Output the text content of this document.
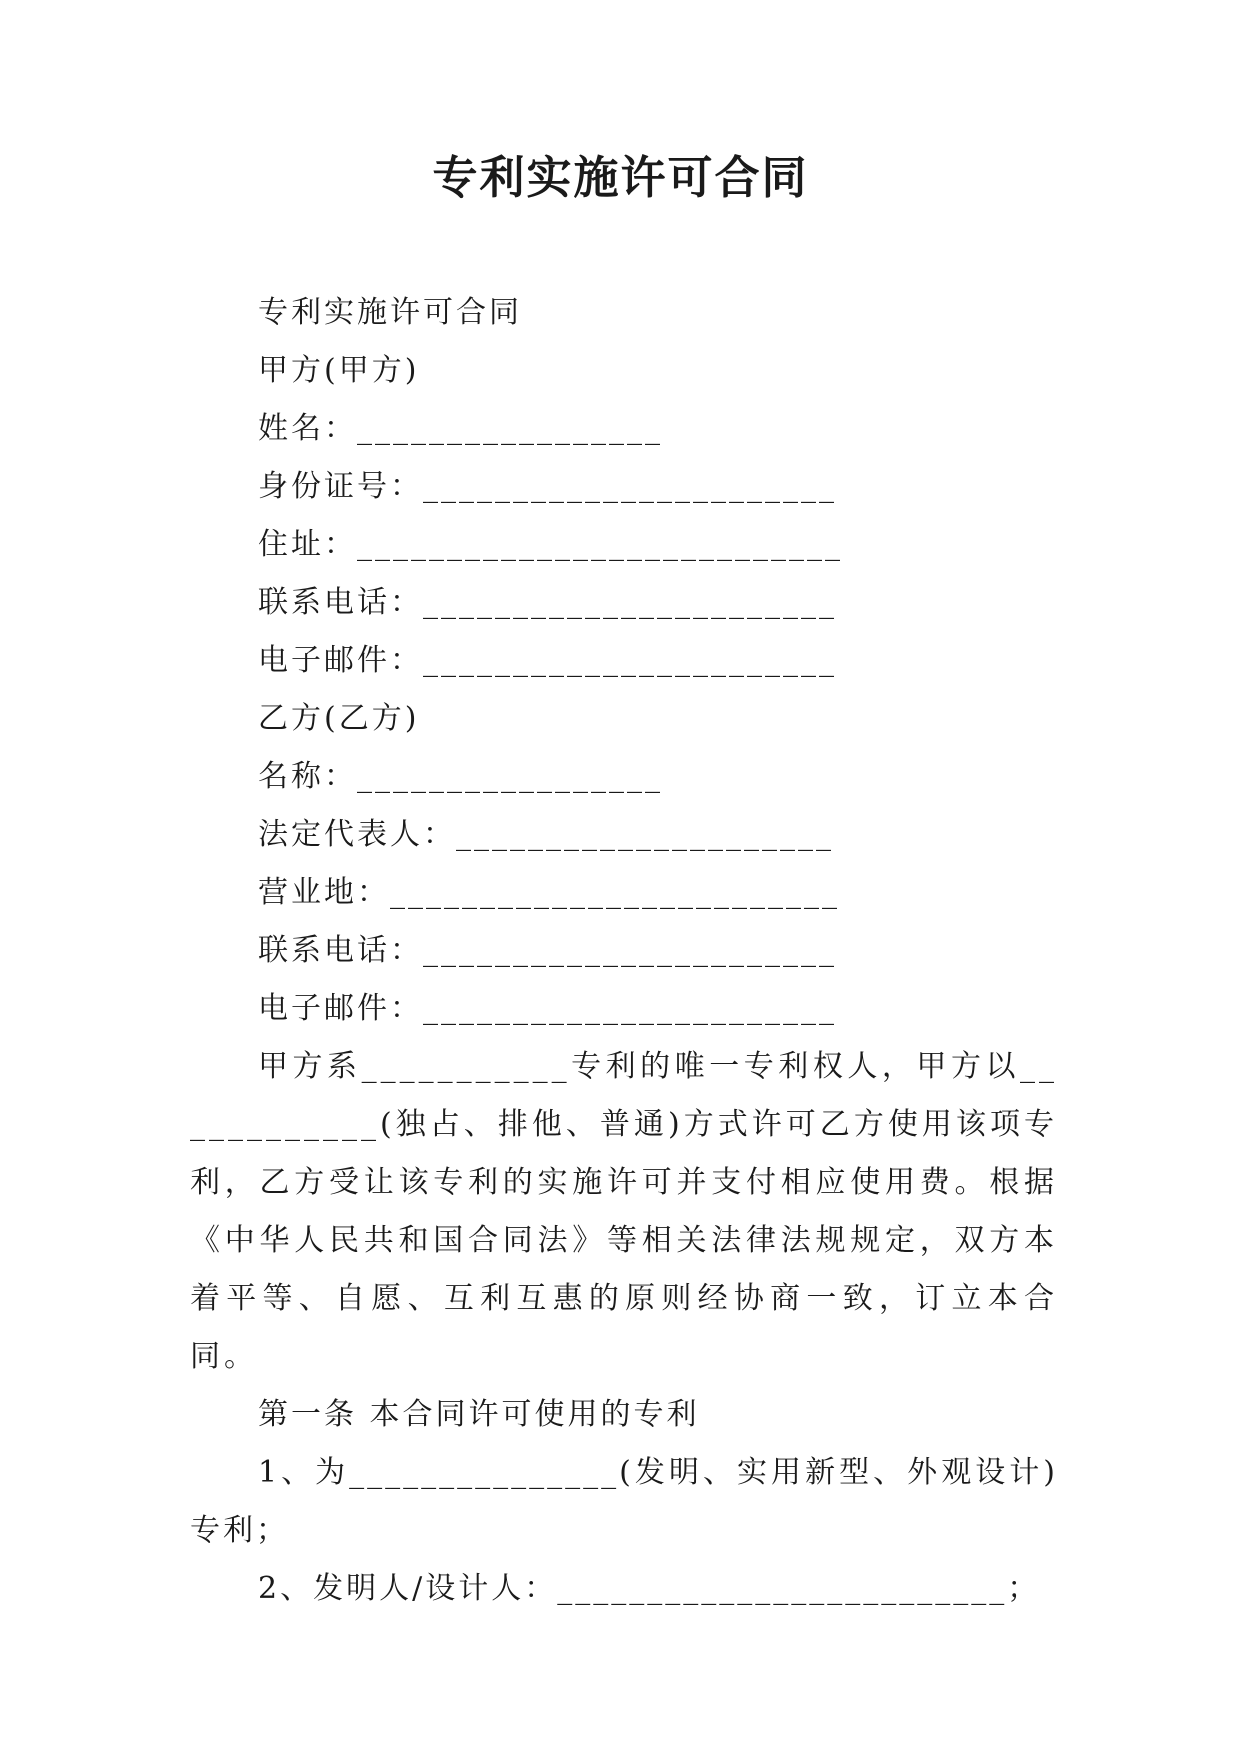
专利实施许可合同

专利实施许可合同

甲方(甲方)

姓名：_________________

身份证号：_______________________

住址：___________________________

联系电话：_______________________

电子邮件：_______________________

乙方(乙方)

名称：_________________

法定代表人：_____________________

营业地：_________________________

联系电话：_______________________

电子邮件：_______________________

甲方系___________专利的唯一专利权人，甲方以____________(独占、排他、普通)方式许可乙方使用该项专利，乙方受让该专利的实施许可并支付相应使用费。根据《中华人民共和国合同法》等相关法律法规规定，双方本着平等、自愿、互利互惠的原则经协商一致，订立本合同。

第一条 本合同许可使用的专利

1、为_______________(发明、实用新型、外观设计)专利；

2、发明人/设计人：_________________________；
